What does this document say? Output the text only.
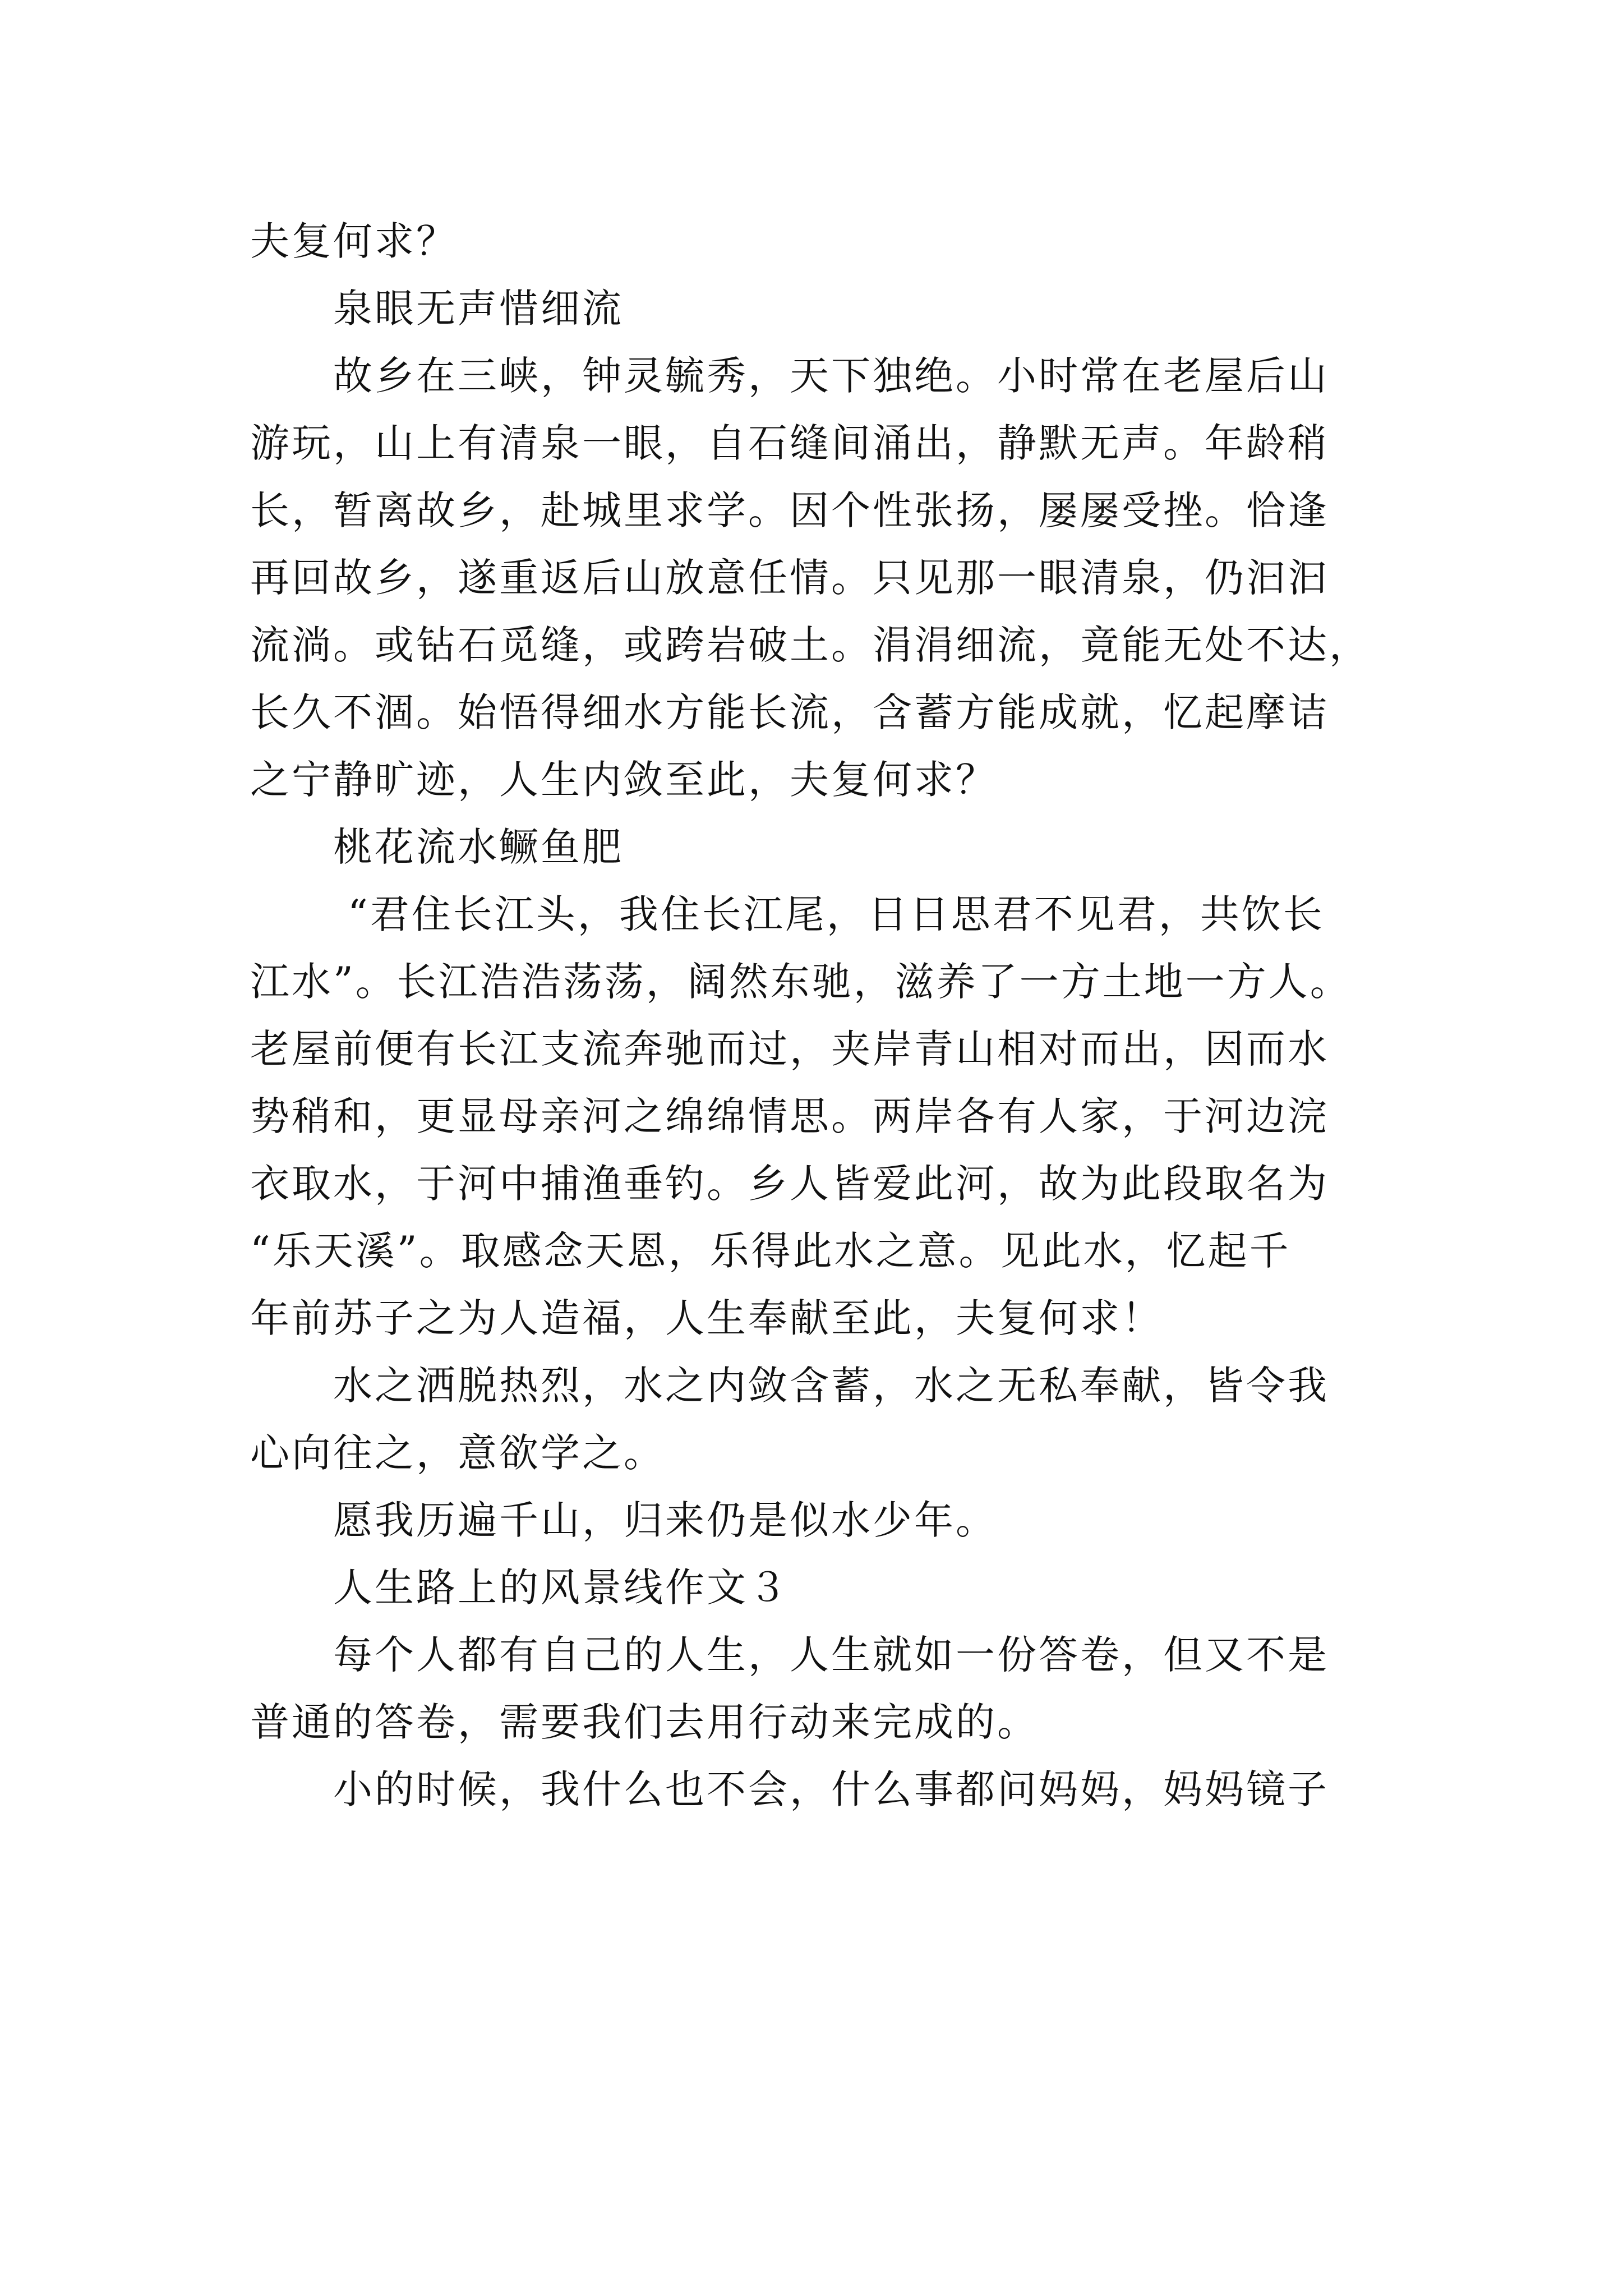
夫复何求？
泉眼无声惜细流
故乡在三峡，钟灵毓秀，天下独绝。小时常在老屋后山
游玩，山上有清泉一眼，自石缝间涌出，静默无声。年龄稍
长，暂离故乡，赴城里求学。因个性张扬，屡屡受挫。恰逢
再回故乡，遂重返后山放意任情。只见那一眼清泉，仍汩汩
流淌。或钻石觅缝，或跨岩破土。涓涓细流，竟能无处不达，
长久不涸。始悟得细水方能长流，含蓄方能成就，忆起摩诘
之宁静旷迹，人生内敛至此，夫复何求？
桃花流水鳜鱼肥
“君住长江头，我住长江尾，日日思君不见君，共饮长
江水”。长江浩浩荡荡，阔然东驰，滋养了一方土地一方人。
老屋前便有长江支流奔驰而过，夹岸青山相对而出，因而水
势稍和，更显母亲河之绵绵情思。两岸各有人家，于河边浣
衣取水，于河中捕渔垂钓。乡人皆爱此河，故为此段取名为
“乐天溪”。取感念天恩，乐得此水之意。见此水，忆起千
年前苏子之为人造福，人生奉献至此，夫复何求！
水之洒脱热烈，水之内敛含蓄，水之无私奉献，皆令我
心向往之，意欲学之。
愿我历遍千山，归来仍是似水少年。
人生路上的风景线作文３
每个人都有自己的人生，人生就如一份答卷，但又不是
普通的答卷，需要我们去用行动来完成的。
小的时候，我什么也不会，什么事都问妈妈，妈妈镜子
